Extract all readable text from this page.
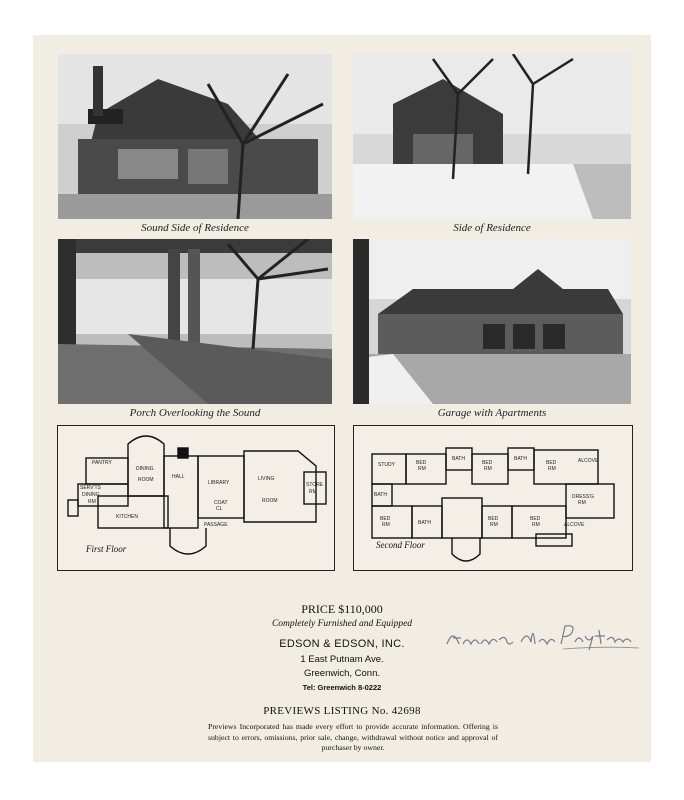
Sound Side of Residence	Side of Residence
Porch Overlooking the Sound	Garage with Apartments
PANTRY
DINING
ROOM	HALL
LIBRARY
LIVING
ROOM
SERV'TS
DINING
RM
KITCHEN
COAT
CL
PASSAGE
STORE
RM
First Floor
STUDY	BED
RM
BATH
BED
RM
BATH
BED
RM
ALCOVE
BATH	DRESS'G
RM
BED
RM	BATH
BED
RM
BED
RM	ALCOVE
Second Floor
PRICE $110,000
Completely Furnished and Equipped
EDSON & EDSON, INC.
1 East Putnam Ave.
Greenwich, Conn.
Tel: Greenwich 8-0222
PREVIEWS LISTING No. 42698
Previews Incorporated has made every effort to provide accurate information. Offering is subject to errors, omissions, prior sale, change, withdrawal without notice and approval of purchaser by owner.
